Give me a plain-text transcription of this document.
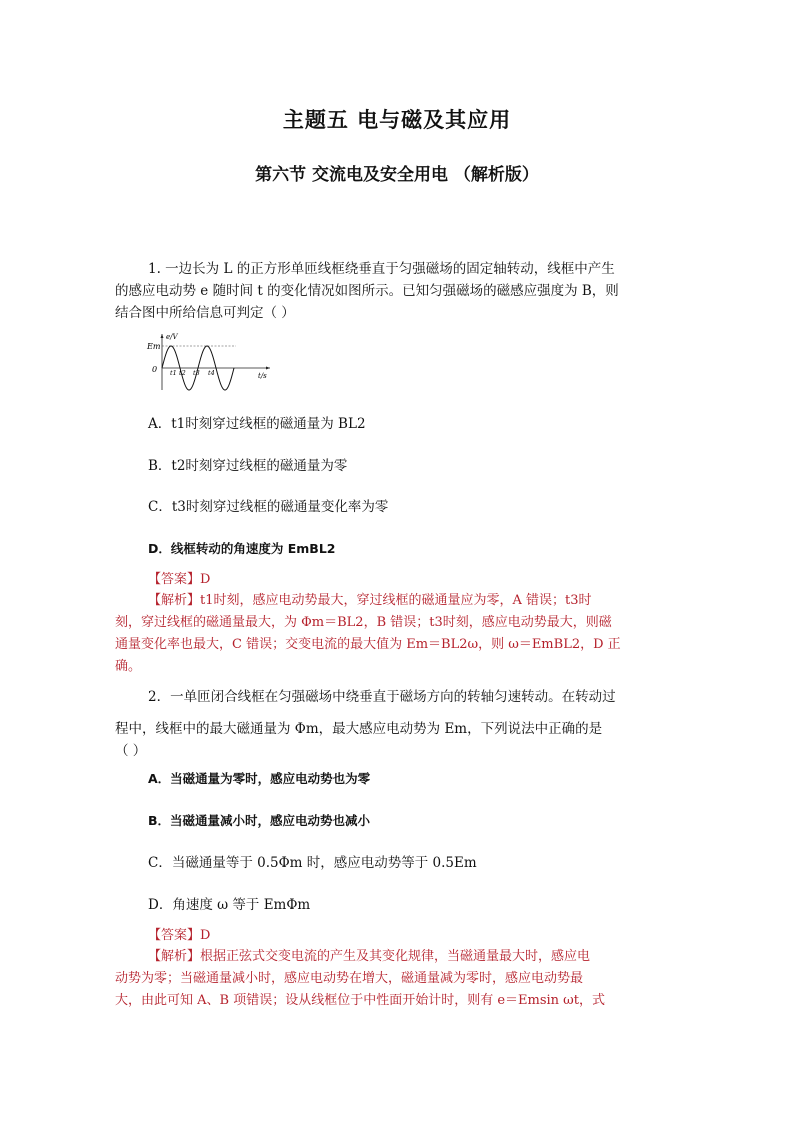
主题五 电与磁及其应用
第六节 交流电及安全用电 （解析版）
1. 一边长为 L 的正方形单匝线框绕垂直于匀强磁场的固定轴转动，线框中产生
的感应电动势 e 随时间 t 的变化情况如图所示。已知匀强磁场的磁感应强度为 B，则
结合图中所给信息可判定（ ）
e/V
Em
0
t/s
t1 t2 t3 t4
A．t1时刻穿过线框的磁通量为 BL2
B．t2时刻穿过线框的磁通量为零
C．t3时刻穿过线框的磁通量变化率为零
D．线框转动的角速度为 EmBL2
【答案】D
【解析】t1时刻，感应电动势最大，穿过线框的磁通量应为零，A 错误；t3时
刻，穿过线框的磁通量最大，为 Φm＝BL2，B 错误；t3时刻，感应电动势最大，则磁
通量变化率也最大，C 错误；交变电流的最大值为 Em＝BL2ω，则 ω＝EmBL2，D 正
确。
2．一单匝闭合线框在匀强磁场中绕垂直于磁场方向的转轴匀速转动。在转动过
程中，线框中的最大磁通量为 Φm，最大感应电动势为 Em，下列说法中正确的是
（ ）
A．当磁通量为零时，感应电动势也为零
B．当磁通量减小时，感应电动势也减小
C．当磁通量等于 0.5Φm 时，感应电动势等于 0.5Em
D．角速度 ω 等于 EmΦm
【答案】D
【解析】根据正弦式交变电流的产生及其变化规律，当磁通量最大时，感应电
动势为零；当磁通量减小时，感应电动势在增大，磁通量减为零时，感应电动势最
大，由此可知 A、B 项错误；设从线框位于中性面开始计时，则有 e＝Emsin ωt，式
